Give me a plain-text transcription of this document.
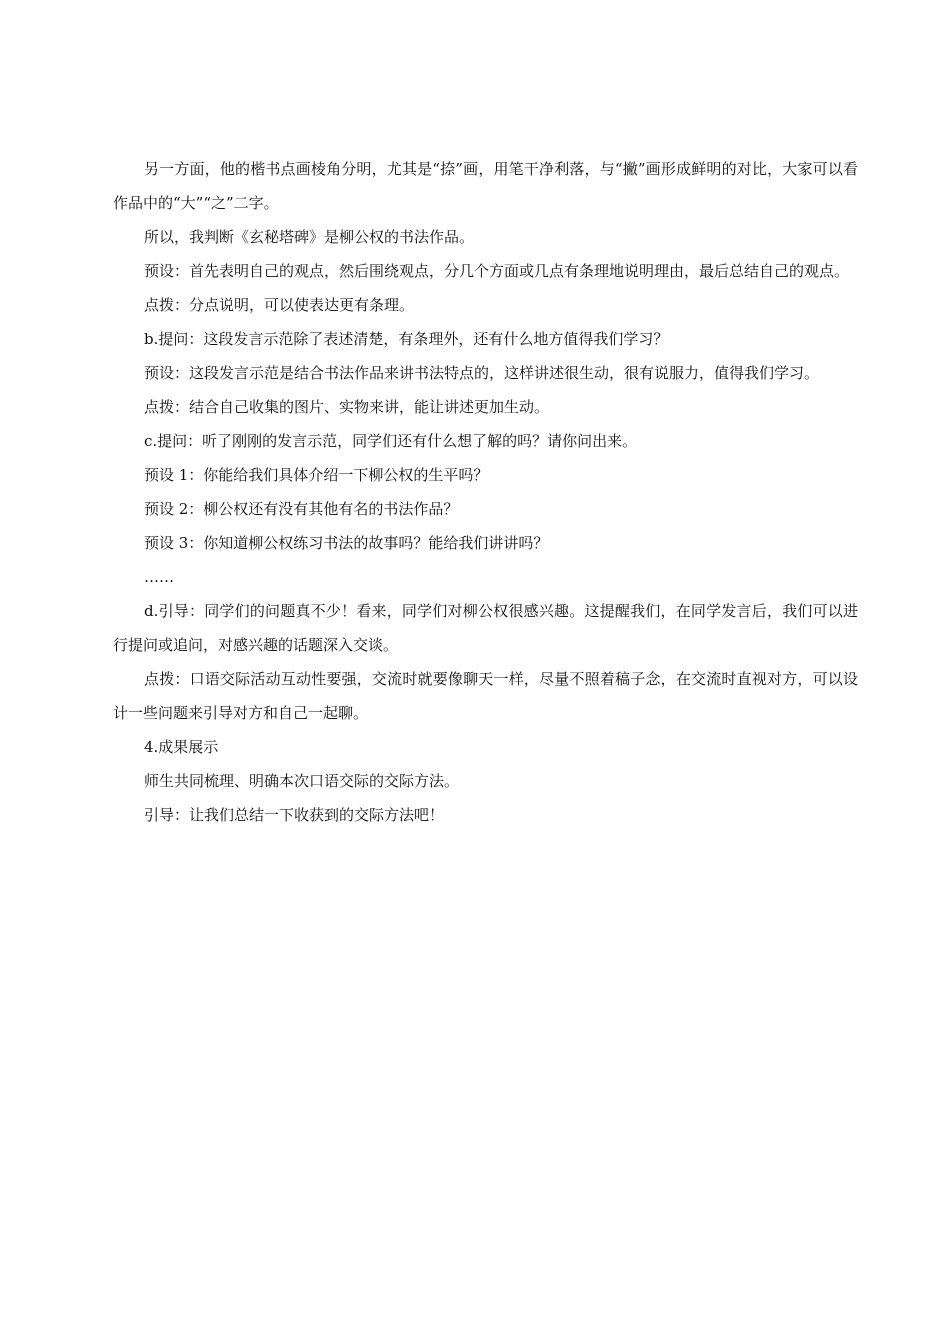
另一方面，他的楷书点画棱角分明，尤其是“捺”画，用笔干净利落，与“撇”画形成鲜明的对比，大家可以看作品中的“大”“之”二字。

所以，我判断《玄秘塔碑》是柳公权的书法作品。

预设：首先表明自己的观点，然后围绕观点，分几个方面或几点有条理地说明理由，最后总结自己的观点。

点拨：分点说明，可以使表达更有条理。

b.提问：这段发言示范除了表述清楚，有条理外，还有什么地方值得我们学习？

预设：这段发言示范是结合书法作品来讲书法特点的，这样讲述很生动，很有说服力，值得我们学习。

点拨：结合自己收集的图片、实物来讲，能让讲述更加生动。

c.提问：听了刚刚的发言示范，同学们还有什么想了解的吗？请你问出来。

预设 1：你能给我们具体介绍一下柳公权的生平吗？

预设 2：柳公权还有没有其他有名的书法作品？

预设 3：你知道柳公权练习书法的故事吗？能给我们讲讲吗？

……

d.引导：同学们的问题真不少！看来，同学们对柳公权很感兴趣。这提醒我们，在同学发言后，我们可以进行提问或追问，对感兴趣的话题深入交谈。

点拨：口语交际活动互动性要强，交流时就要像聊天一样，尽量不照着稿子念，在交流时直视对方，可以设计一些问题来引导对方和自己一起聊。

4.成果展示

师生共同梳理、明确本次口语交际的交际方法。

引导：让我们总结一下收获到的交际方法吧！
